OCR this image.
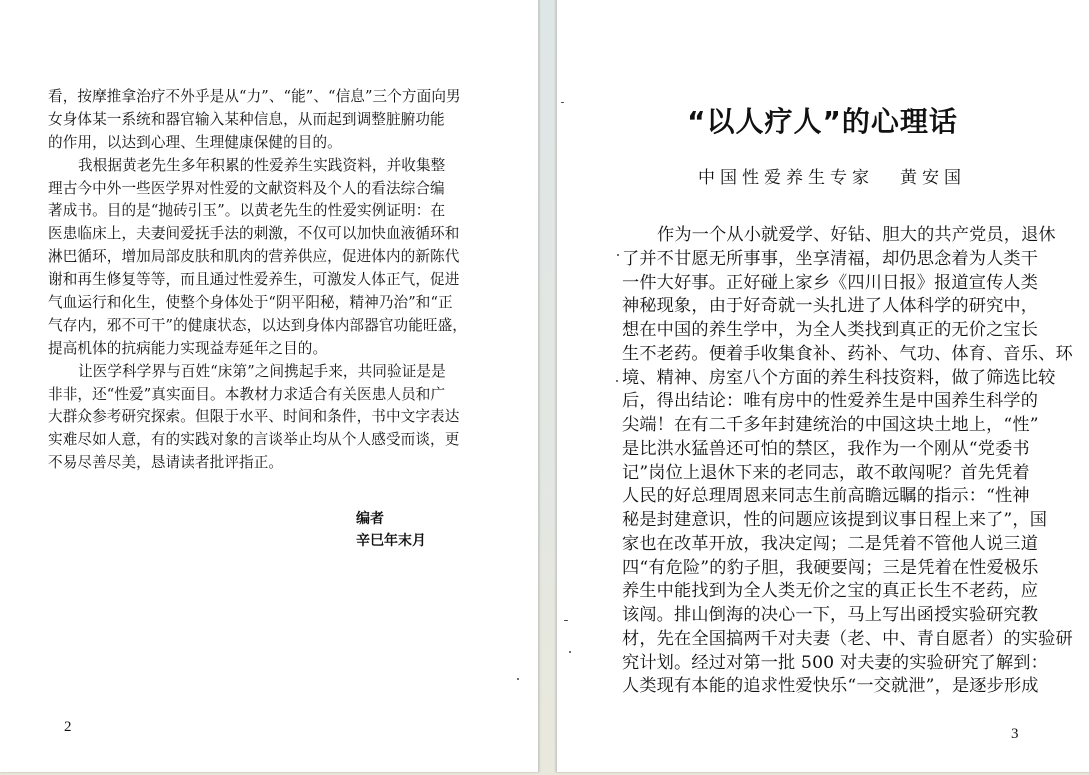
看，按摩推拿治疗不外乎是从“力”、“能”、“信息”三个方面向男
女身体某一系统和器官输入某种信息，从而起到调整脏腑功能
的作用，以达到心理、生理健康保健的目的。
我根据黄老先生多年积累的性爱养生实践资料，并收集整
理古今中外一些医学界对性爱的文献资料及个人的看法综合编
著成书。目的是“抛砖引玉”。以黄老先生的性爱实例证明：在
医患临床上，夫妻间爱抚手法的刺激，不仅可以加快血液循环和
淋巴循环，增加局部皮肤和肌肉的营养供应，促进体内的新陈代
谢和再生修复等等，而且通过性爱养生，可激发人体正气，促进
气血运行和化生，使整个身体处于“阴平阳秘，精神乃治”和“正
气存内，邪不可干”的健康状态，以达到身体内部器官功能旺盛，
提高机体的抗病能力实现益寿延年之目的。
让医学科学界与百姓“床第”之间携起手来，共同验证是是
非非，还“性爱”真实面目。本教材力求适合有关医患人员和广
大群众参考研究探索。但限于水平、时间和条件，书中文字表达
实难尽如人意，有的实践对象的言谈举止均从个人感受而谈，更
不易尽善尽美，恳请读者批评指正。
编者
辛巳年末月
2
“以人疗人”的心理话
中国性爱养生专家 黄安国
作为一个从小就爱学、好钻、胆大的共产党员，退休
了并不甘愿无所事事，坐享清福，却仍思念着为人类干
一件大好事。正好碰上家乡《四川日报》报道宣传人类
神秘现象，由于好奇就一头扎进了人体科学的研究中，
想在中国的养生学中，为全人类找到真正的无价之宝长
生不老药。便着手收集食补、药补、气功、体育、音乐、环
境、精神、房室八个方面的养生科技资料，做了筛选比较
后，得出结论：唯有房中的性爱养生是中国养生科学的
尖端！在有二千多年封建统治的中国这块土地上，“性”
是比洪水猛兽还可怕的禁区，我作为一个刚从“党委书
记”岗位上退休下来的老同志，敢不敢闯呢？首先凭着
人民的好总理周恩来同志生前高瞻远瞩的指示：“性神
秘是封建意识，性的问题应该提到议事日程上来了”，国
家也在改革开放，我决定闯；二是凭着不管他人说三道
四“有危险”的豹子胆，我硬要闯；三是凭着在性爱极乐
养生中能找到为全人类无价之宝的真正长生不老药，应
该闯。排山倒海的决心一下，马上写出函授实验研究教
材，先在全国搞两千对夫妻（老、中、青自愿者）的实验研
究计划。经过对第一批 500 对夫妻的实验研究了解到：
人类现有本能的追求性爱快乐“一交就泄”，是逐步形成
3
